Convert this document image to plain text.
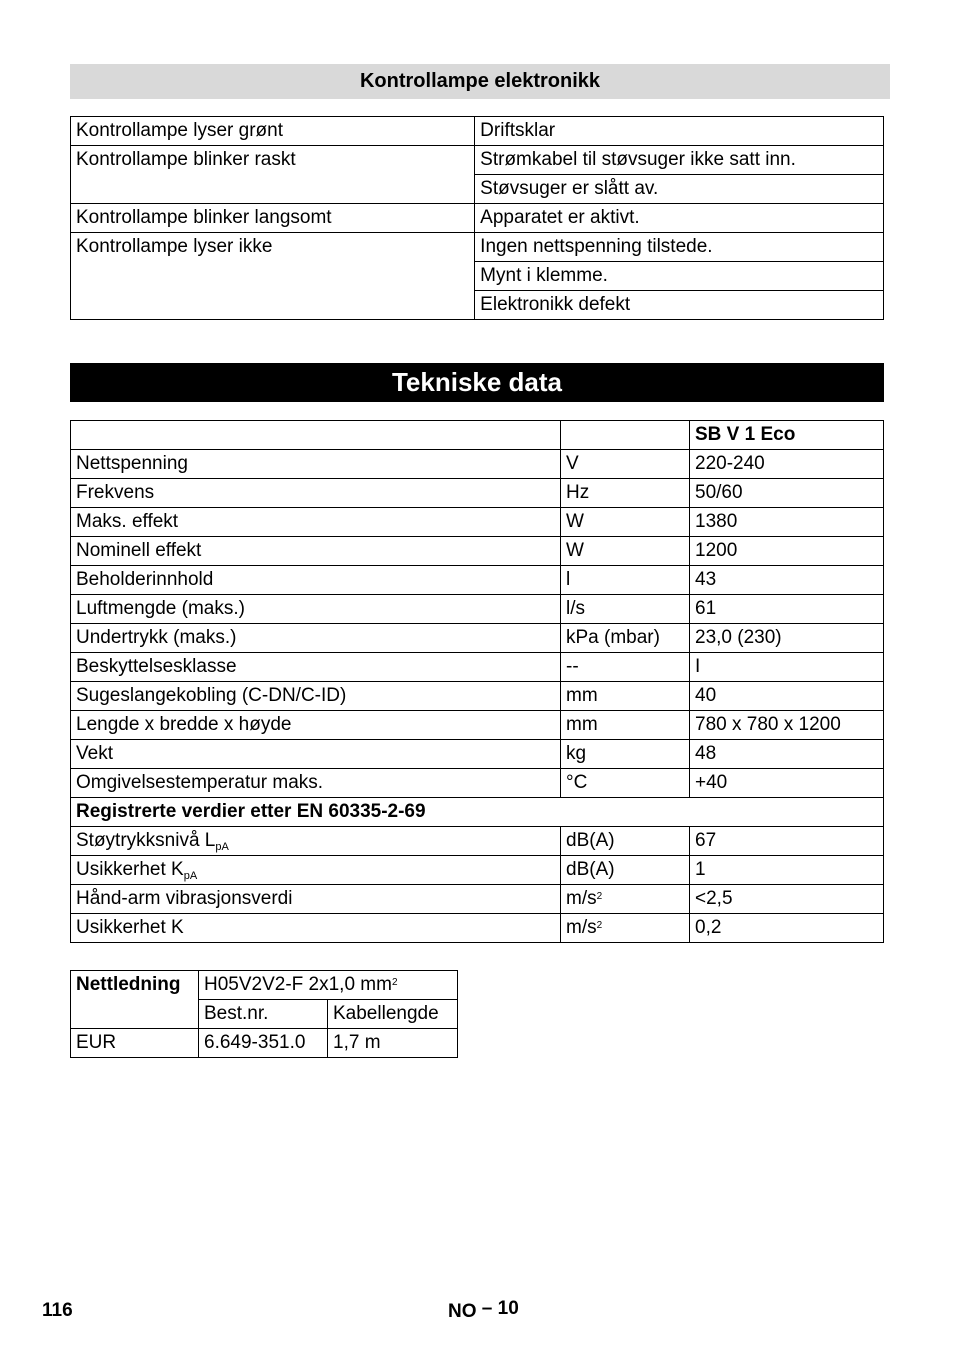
Kontrollampe elektronikk
Kontrollampe lyser grønt	Driftsklar
Kontrollampe blinker raskt	Strømkabel til støvsuger ikke satt inn.
	Støvsuger er slått av.
Kontrollampe blinker langsomt	Apparatet er aktivt.
Kontrollampe lyser ikke	Ingen nettspenning tilstede.
	Mynt i klemme.
	Elektronikk defekt
Tekniske data
		SB V 1 Eco
Nettspenning	V	220-240
Frekvens	Hz	50/60
Maks. effekt	W	1380
Nominell effekt	W	1200
Beholderinnhold	l	43
Luftmengde (maks.)	l/s	61
Undertrykk (maks.)	kPa (mbar)	23,0 (230)
Beskyttelsesklasse	--	I
Sugeslangekobling (C-DN/C-ID)	mm	40
Lengde x bredde x høyde	mm	780 x 780 x 1200
Vekt	kg	48
Omgivelsestemperatur maks.	°C	+40
Registrerte verdier etter EN 60335-2-69		
Støytrykksnivå $L_{pA}$	dB(A)	67
Usikkerhet $K_{pA}$	dB(A)	1
Hånd-arm vibrasjonsverdi	$m/s^2$	<2,5
Usikkerhet K	$m/s^2$	0,2
Nettledning	H05V2V2-F 2x1,0 $mm^2$
	Best.nr.	Kabellengde
EUR	6.649-351.0	1,7 m
116	NO – 10
